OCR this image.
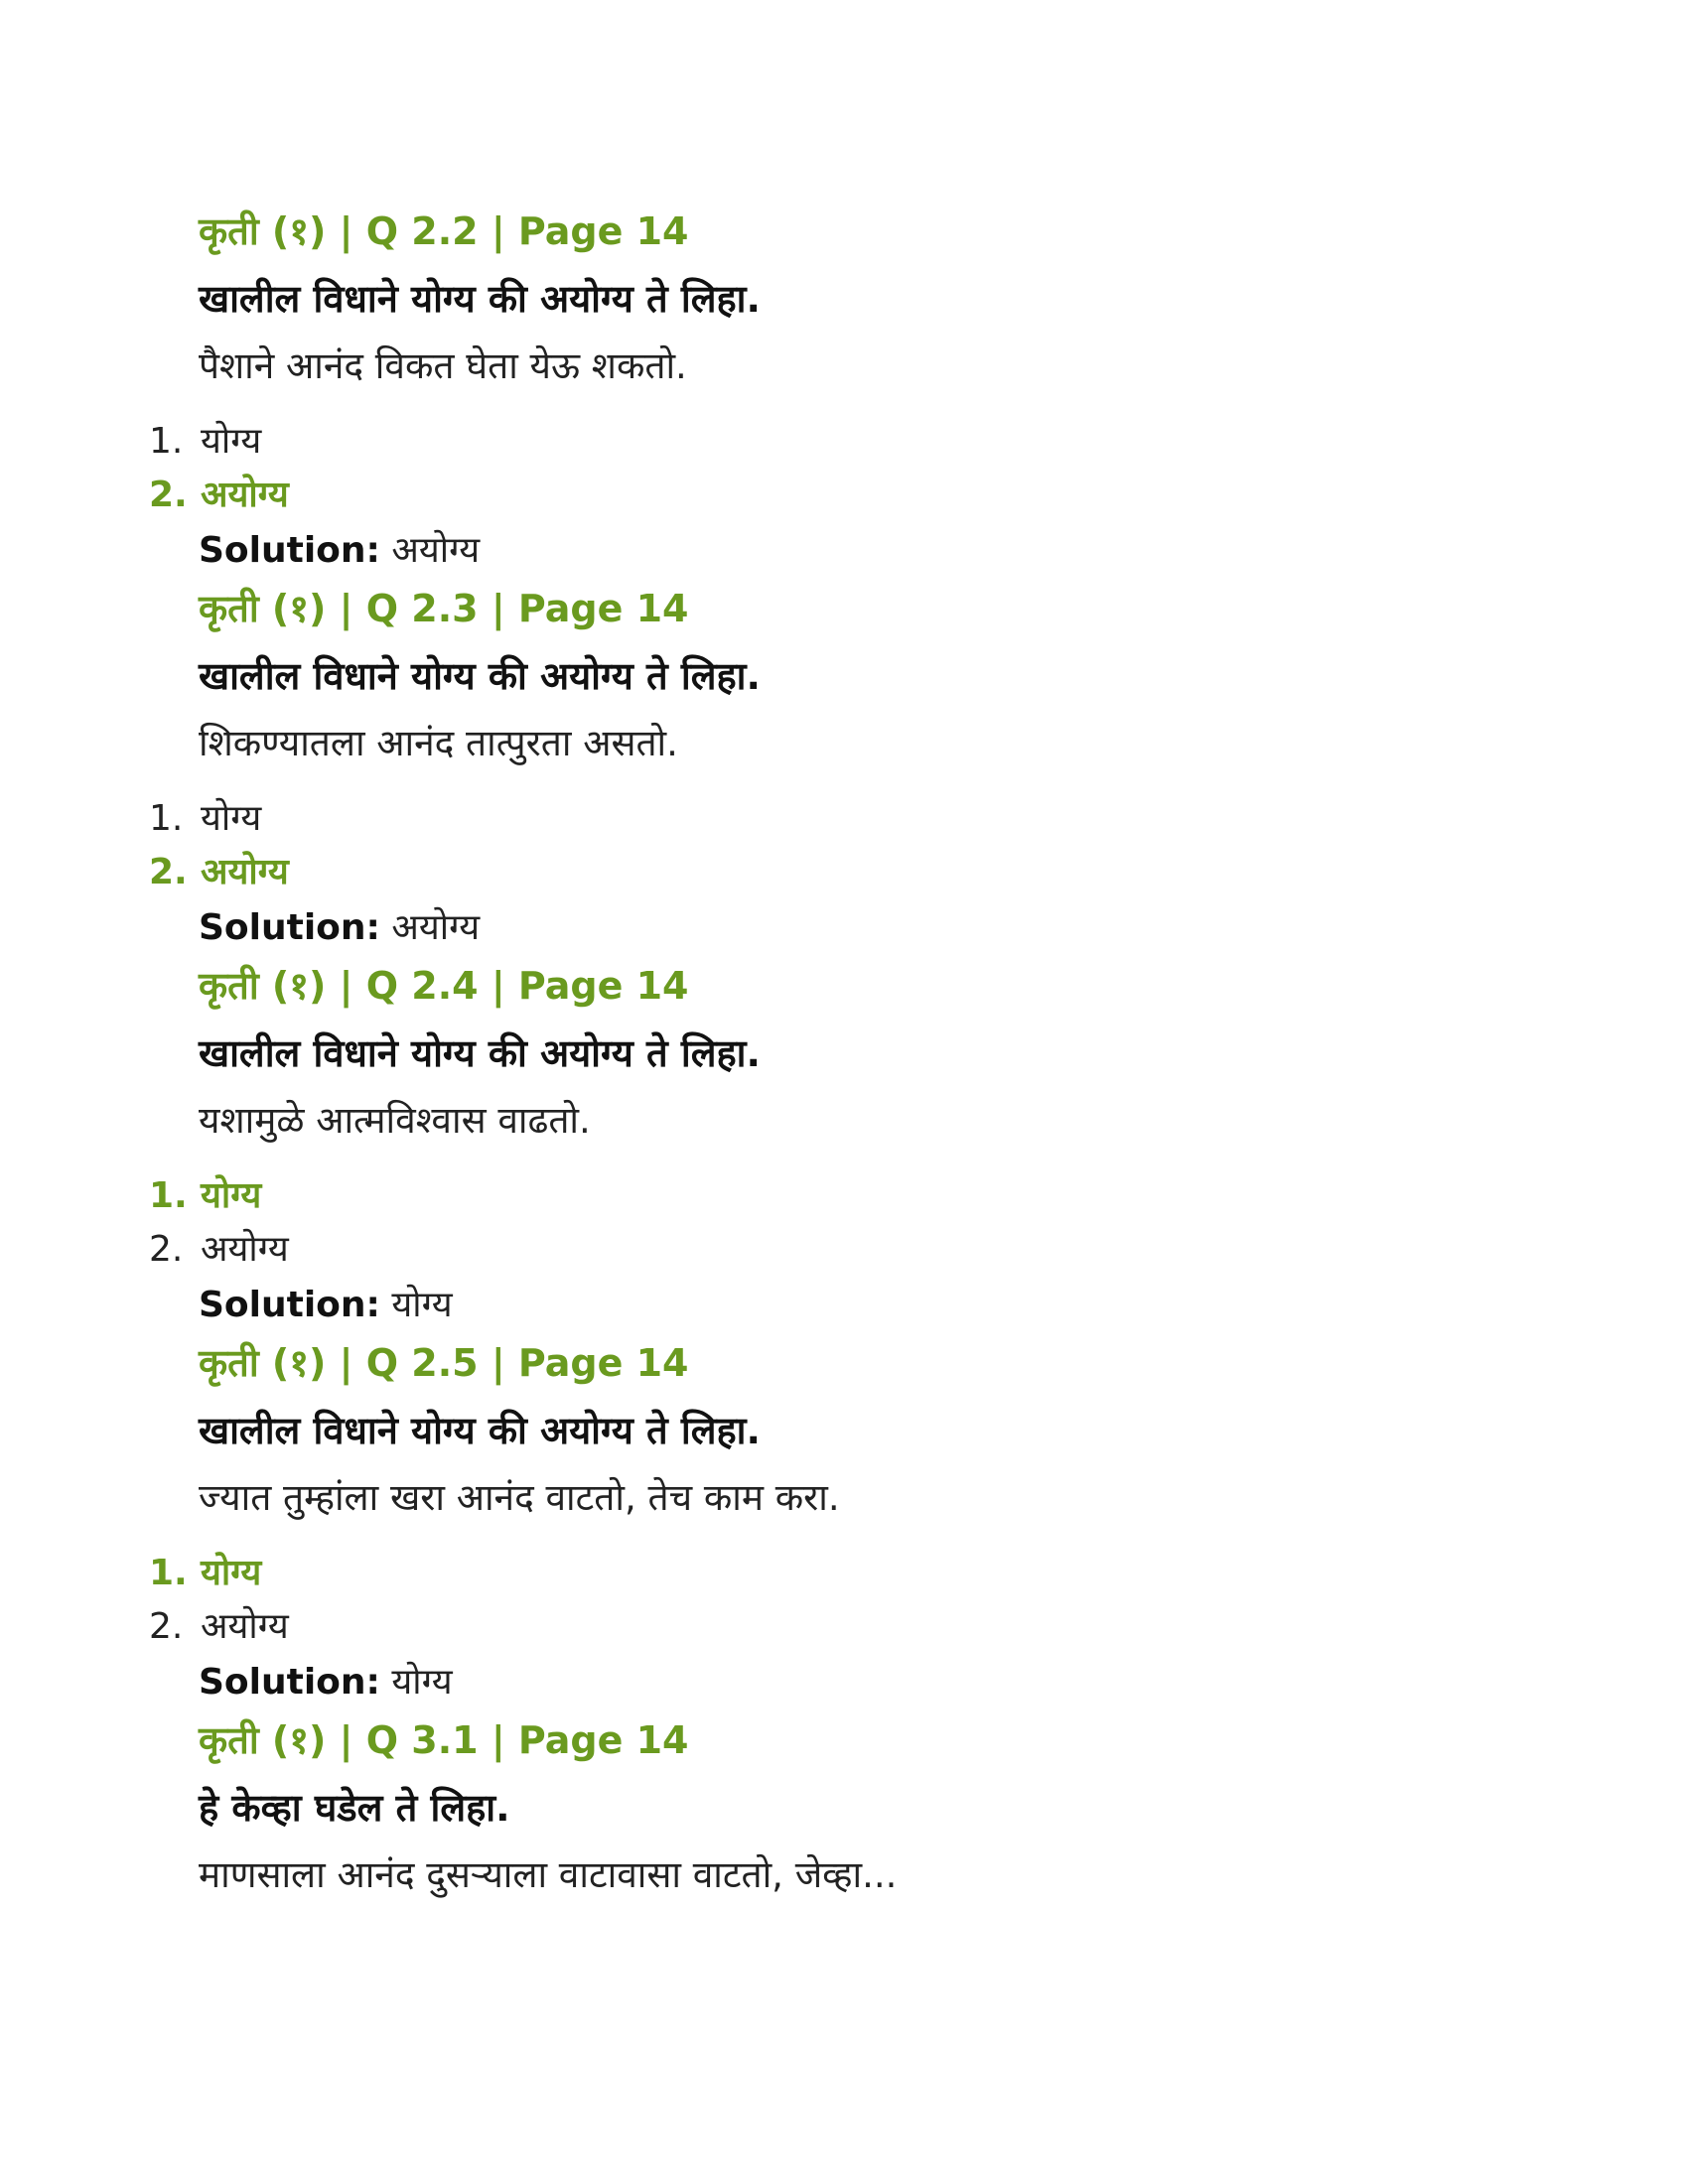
कृती (१) | Q 2.2 | Page 14
खालील विधाने योग्य की अयोग्य ते लिहा.
पैशाने आनंद विकत घेता येऊ शकतो.
1. योग्य
2. अयोग्य
Solution: अयोग्य
कृती (१) | Q 2.3 | Page 14
खालील विधाने योग्य की अयोग्य ते लिहा.
शिकण्यातला आनंद तात्पुरता असतो.
1. योग्य
2. अयोग्य
Solution: अयोग्य
कृती (१) | Q 2.4 | Page 14
खालील विधाने योग्य की अयोग्य ते लिहा.
यशामुळे आत्मविश्वास वाढतो.
1. योग्य
2. अयोग्य
Solution: योग्य
कृती (१) | Q 2.5 | Page 14
खालील विधाने योग्य की अयोग्य ते लिहा.
ज्यात तुम्हांला खरा आनंद वाटतो, तेच काम करा.
1. योग्य
2. अयोग्य
Solution: योग्य
कृती (१) | Q 3.1 | Page 14
हे केव्हा घडेल ते लिहा.
माणसाला आनंद दुसऱ्याला वाटावासा वाटतो, जेव्हा...
